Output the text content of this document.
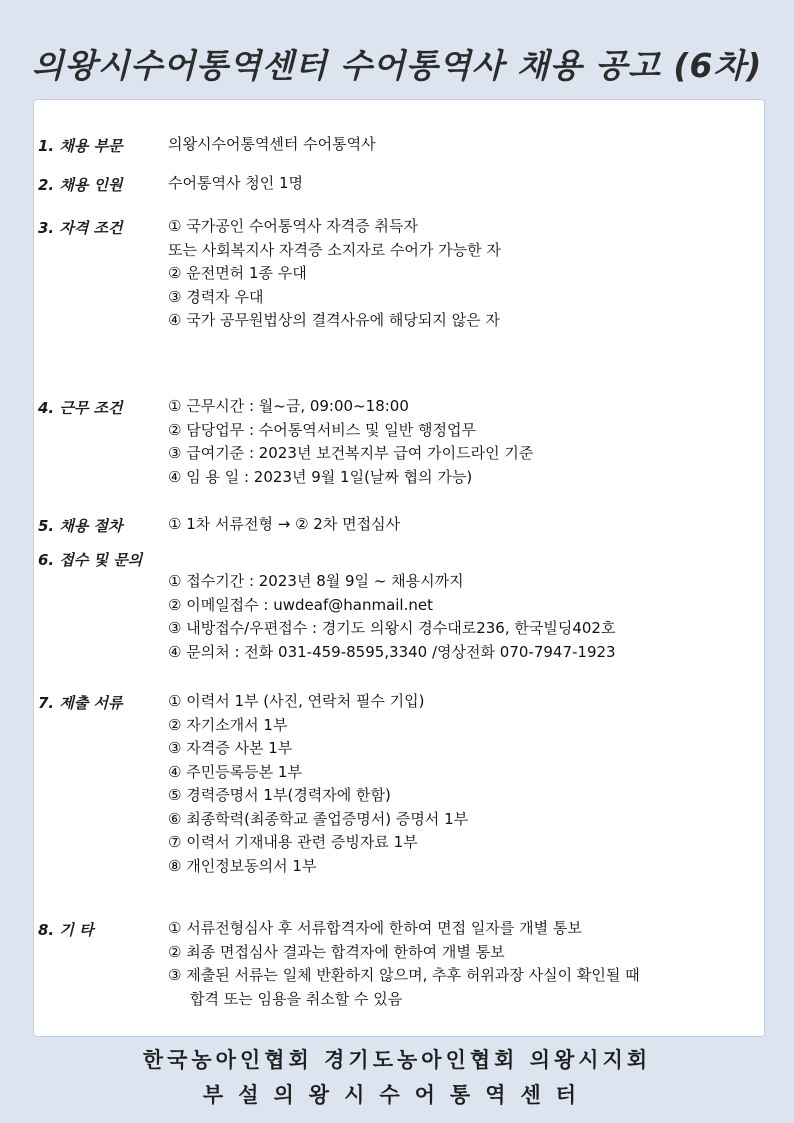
의왕시수어통역센터 수어통역사 채용 공고 (6차)
1. 채용 부문	의왕시수어통역센터 수어통역사
2. 채용 인원	수어통역사 청인 1명
3. 자격 조건	① 국가공인 수어통역사 자격증 취득자
또는 사회복지사 자격증 소지자로 수어가 가능한 자
② 운전면허 1종 우대
③ 경력자 우대
④ 국가 공무원법상의 결격사유에 해당되지 않은 자
4. 근무 조건	① 근무시간 : 월~금, 09:00~18:00
② 담당업무 : 수어통역서비스 및 일반 행정업무
③ 급여기준 : 2023년 보건복지부 급여 가이드라인 기준
④ 임 용 일 : 2023년 9월 1일(날짜 협의 가능)
5. 채용 절차	① 1차 서류전형 → ② 2차 면접심사
6. 접수 및 문의
① 접수기간 : 2023년 8월 9일 ~ 채용시까지
② 이메일접수 : uwdeaf@hanmail.net
③ 내방접수/우편접수 : 경기도 의왕시 경수대로236, 한국빌딩402호
④ 문의처 : 전화 031-459-8595,3340 /영상전화 070-7947-1923
7. 제출 서류	① 이력서 1부 (사진, 연락처 필수 기입)
② 자기소개서 1부
③ 자격증 사본 1부
④ 주민등록등본 1부
⑤ 경력증명서 1부(경력자에 한함)
⑥ 최종학력(최종학교 졸업증명서) 증명서 1부
⑦ 이력서 기재내용 관련 증빙자료 1부
⑧ 개인정보동의서 1부
8. 기 타	① 서류전형심사 후 서류합격자에 한하여 면접 일자를 개별 통보
② 최종 면접심사 결과는 합격자에 한하여 개별 통보
③ 제출된 서류는 일체 반환하지 않으며, 추후 허위과장 사실이 확인될 때
합격 또는 임용을 취소할 수 있음
한국농아인협회 경기도농아인협회 의왕시지회
부설의왕시수어통역센터
